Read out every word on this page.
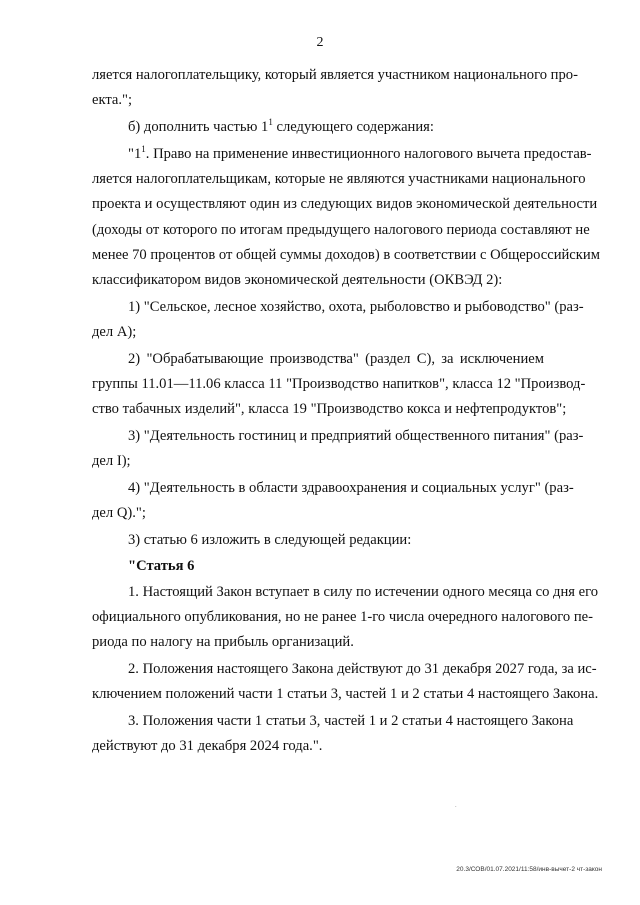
2
ляется налогоплательщику, который является участником национального про-
екта.";
б) дополнить частью $1^1$ следующего содержания:
"$1^1$. Право на применение инвестиционного налогового вычета предостав-
ляется налогоплательщикам, которые не являются участниками национального
проекта и осуществляют один из следующих видов экономической деятельности
(доходы от которого по итогам предыдущего налогового периода составляют не
менее 70 процентов от общей суммы доходов) в соответствии с Общероссийским
классификатором видов экономической деятельности (ОКВЭД 2):
1) "Сельское, лесное хозяйство, охота, рыболовство и рыбоводство" (раз-
дел А);
2) "Обрабатывающие производства" (раздел С), за исключением
группы 11.01—11.06 класса 11 "Производство напитков", класса 12 "Производ-
ство табачных изделий", класса 19 "Производство кокса и нефтепродуктов";
3) "Деятельность гостиниц и предприятий общественного питания" (раз-
дел I);
4) "Деятельность в области здравоохранения и социальных услуг" (раз-
дел Q).";
3) статью 6 изложить в следующей редакции:
"Статья 6
1. Настоящий Закон вступает в силу по истечении одного месяца со дня его
официального опубликования, но не ранее 1-го числа очередного налогового пе-
риода по налогу на прибыль организаций.
2. Положения настоящего Закона действуют до 31 декабря 2027 года, за ис-
ключением положений части 1 статьи 3, частей 1 и 2 статьи 4 настоящего Закона.
3. Положения части 1 статьи 3, частей 1 и 2 статьи 4 настоящего Закона
действуют до 31 декабря 2024 года.".
.
20.3/СОВ/01.07.2021/11:58/инв-вычет-2 чт-закон
